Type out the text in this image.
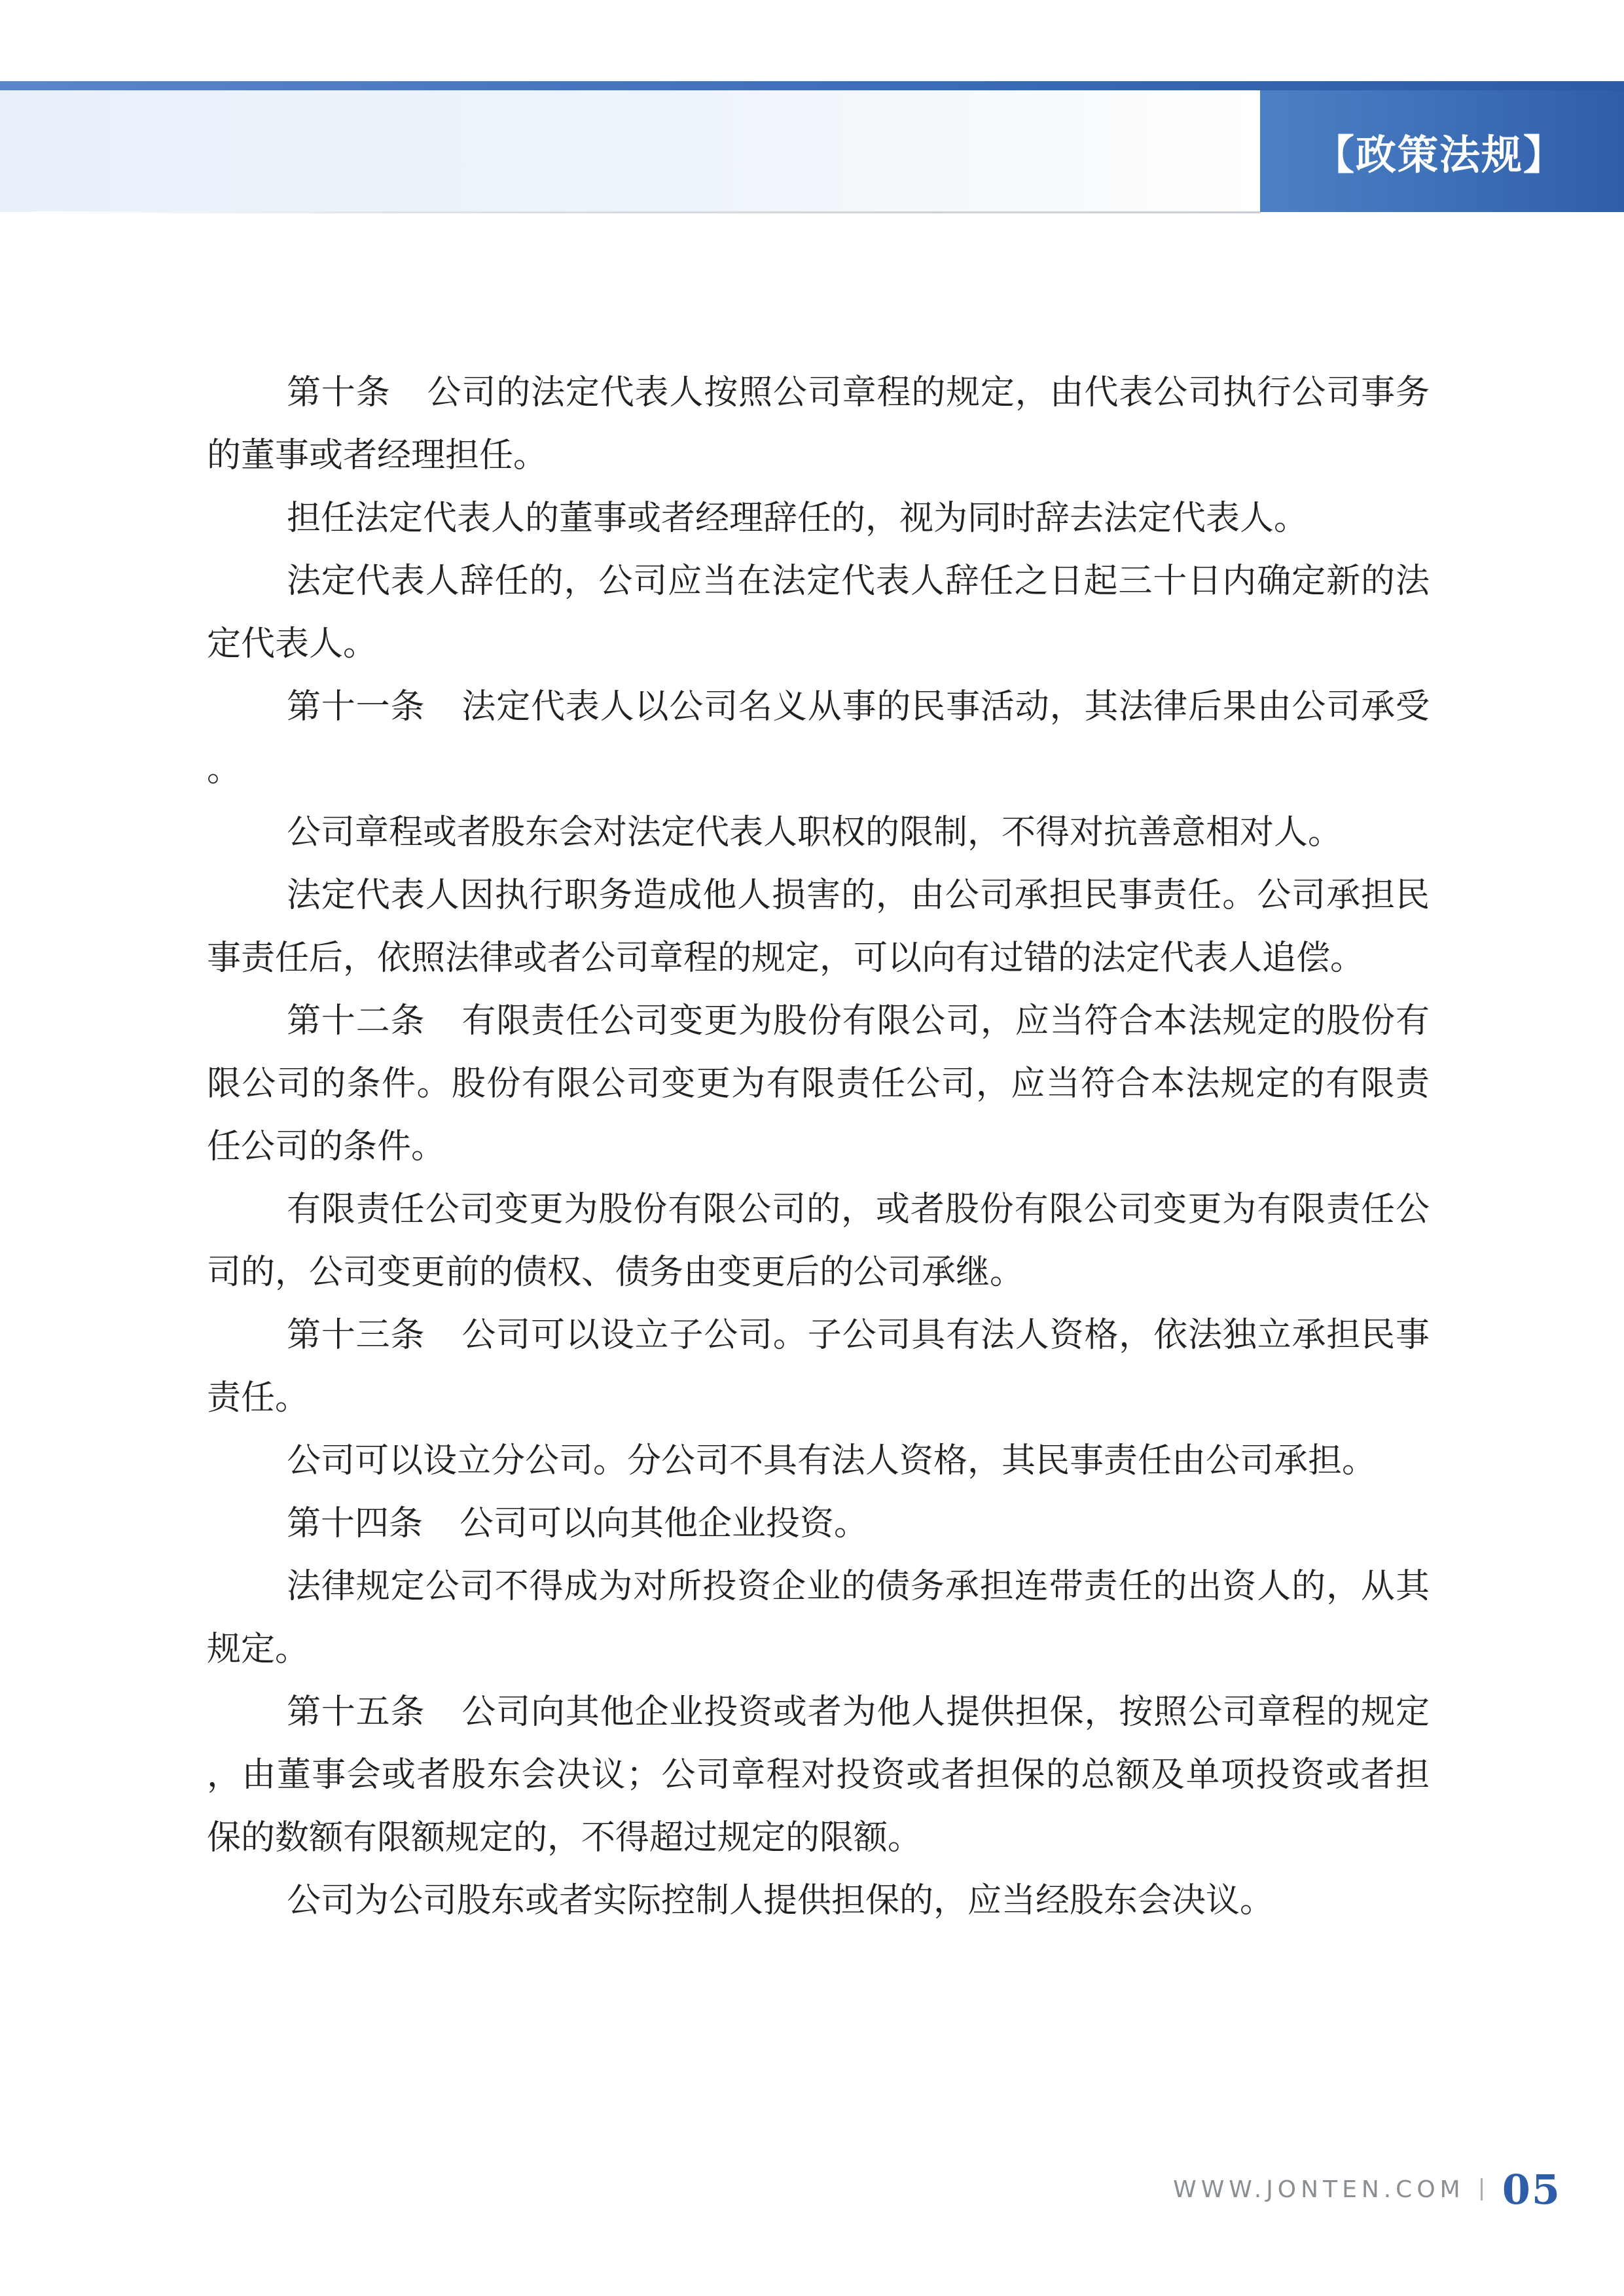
【政策法规】

第十条 公司的法定代表人按照公司章程的规定，由代表公司执行公司事务的董事或者经理担任。

担任法定代表人的董事或者经理辞任的，视为同时辞去法定代表人。

法定代表人辞任的，公司应当在法定代表人辞任之日起三十日内确定新的法定代表人。

第十一条 法定代表人以公司名义从事的民事活动，其法律后果由公司承受。

公司章程或者股东会对法定代表人职权的限制，不得对抗善意相对人。

法定代表人因执行职务造成他人损害的，由公司承担民事责任。公司承担民事责任后，依照法律或者公司章程的规定，可以向有过错的法定代表人追偿。

第十二条 有限责任公司变更为股份有限公司，应当符合本法规定的股份有限公司的条件。股份有限公司变更为有限责任公司，应当符合本法规定的有限责任公司的条件。

有限责任公司变更为股份有限公司的，或者股份有限公司变更为有限责任公司的，公司变更前的债权、债务由变更后的公司承继。

第十三条 公司可以设立子公司。子公司具有法人资格，依法独立承担民事责任。

公司可以设立分公司。分公司不具有法人资格，其民事责任由公司承担。

第十四条 公司可以向其他企业投资。

法律规定公司不得成为对所投资企业的债务承担连带责任的出资人的，从其规定。

第十五条 公司向其他企业投资或者为他人提供担保，按照公司章程的规定，由董事会或者股东会决议；公司章程对投资或者担保的总额及单项投资或者担保的数额有限额规定的，不得超过规定的限额。

公司为公司股东或者实际控制人提供担保的，应当经股东会决议。

WWW.JONTEN.COM 05
